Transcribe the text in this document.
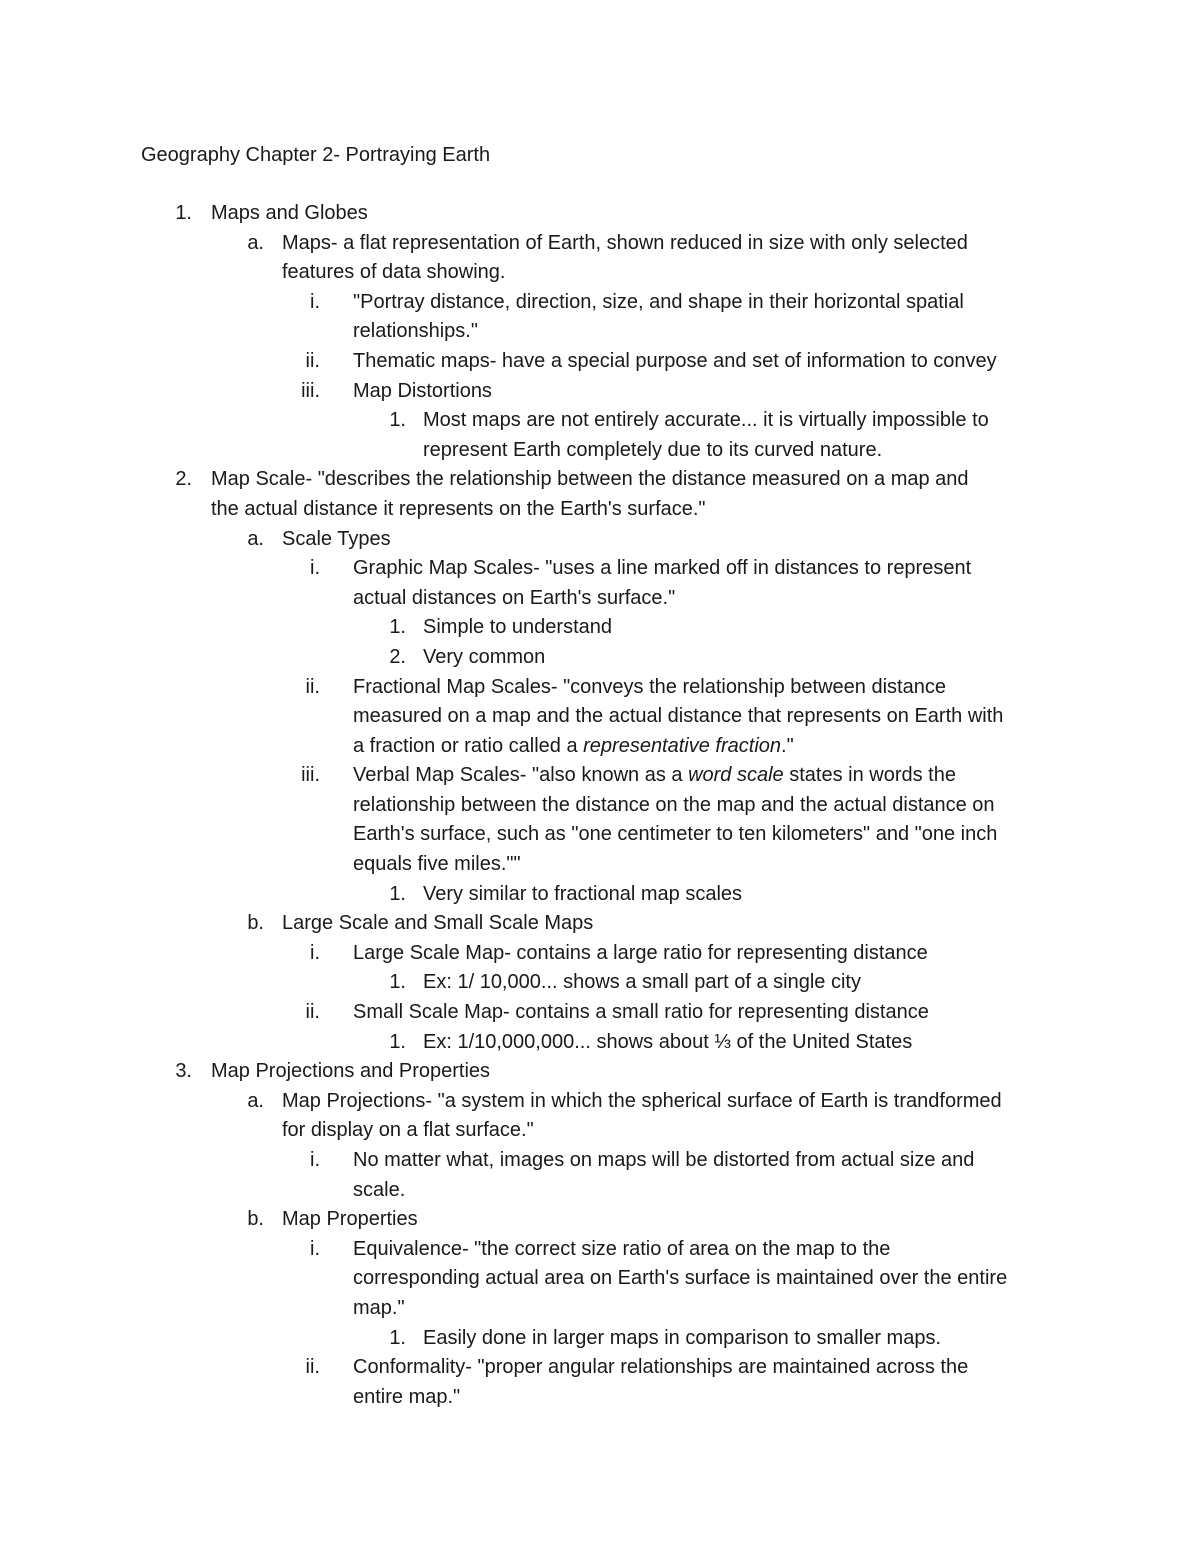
Geography Chapter 2- Portraying Earth
1. Maps and Globes
a. Maps- a flat representation of Earth, shown reduced in size with only selected
features of data showing.
i. "Portray distance, direction, size, and shape in their horizontal spatial
relationships."
ii. Thematic maps- have a special purpose and set of information to convey
iii. Map Distortions
1. Most maps are not entirely accurate... it is virtually impossible to
represent Earth completely due to its curved nature.
2. Map Scale- "describes the relationship between the distance measured on a map and
the actual distance it represents on the Earth's surface."
a. Scale Types
i. Graphic Map Scales- "uses a line marked off in distances to represent
actual distances on Earth's surface."
1. Simple to understand
2. Very common
ii. Fractional Map Scales- "conveys the relationship between distance
measured on a map and the actual distance that represents on Earth with
a fraction or ratio called a representative fraction."
iii. Verbal Map Scales- "also known as a word scale states in words the
relationship between the distance on the map and the actual distance on
Earth's surface, such as "one centimeter to ten kilometers" and "one inch
equals five miles.""
1. Very similar to fractional map scales
b. Large Scale and Small Scale Maps
i. Large Scale Map- contains a large ratio for representing distance
1. Ex: 1/ 10,000... shows a small part of a single city
ii. Small Scale Map- contains a small ratio for representing distance
1. Ex: 1/10,000,000... shows about ⅓ of the United States
3. Map Projections and Properties
a. Map Projections- "a system in which the spherical surface of Earth is trandformed
for display on a flat surface."
i. No matter what, images on maps will be distorted from actual size and
scale.
b. Map Properties
i. Equivalence- "the correct size ratio of area on the map to the
corresponding actual area on Earth's surface is maintained over the entire
map."
1. Easily done in larger maps in comparison to smaller maps.
ii. Conformality- "proper angular relationships are maintained across the
entire map."
